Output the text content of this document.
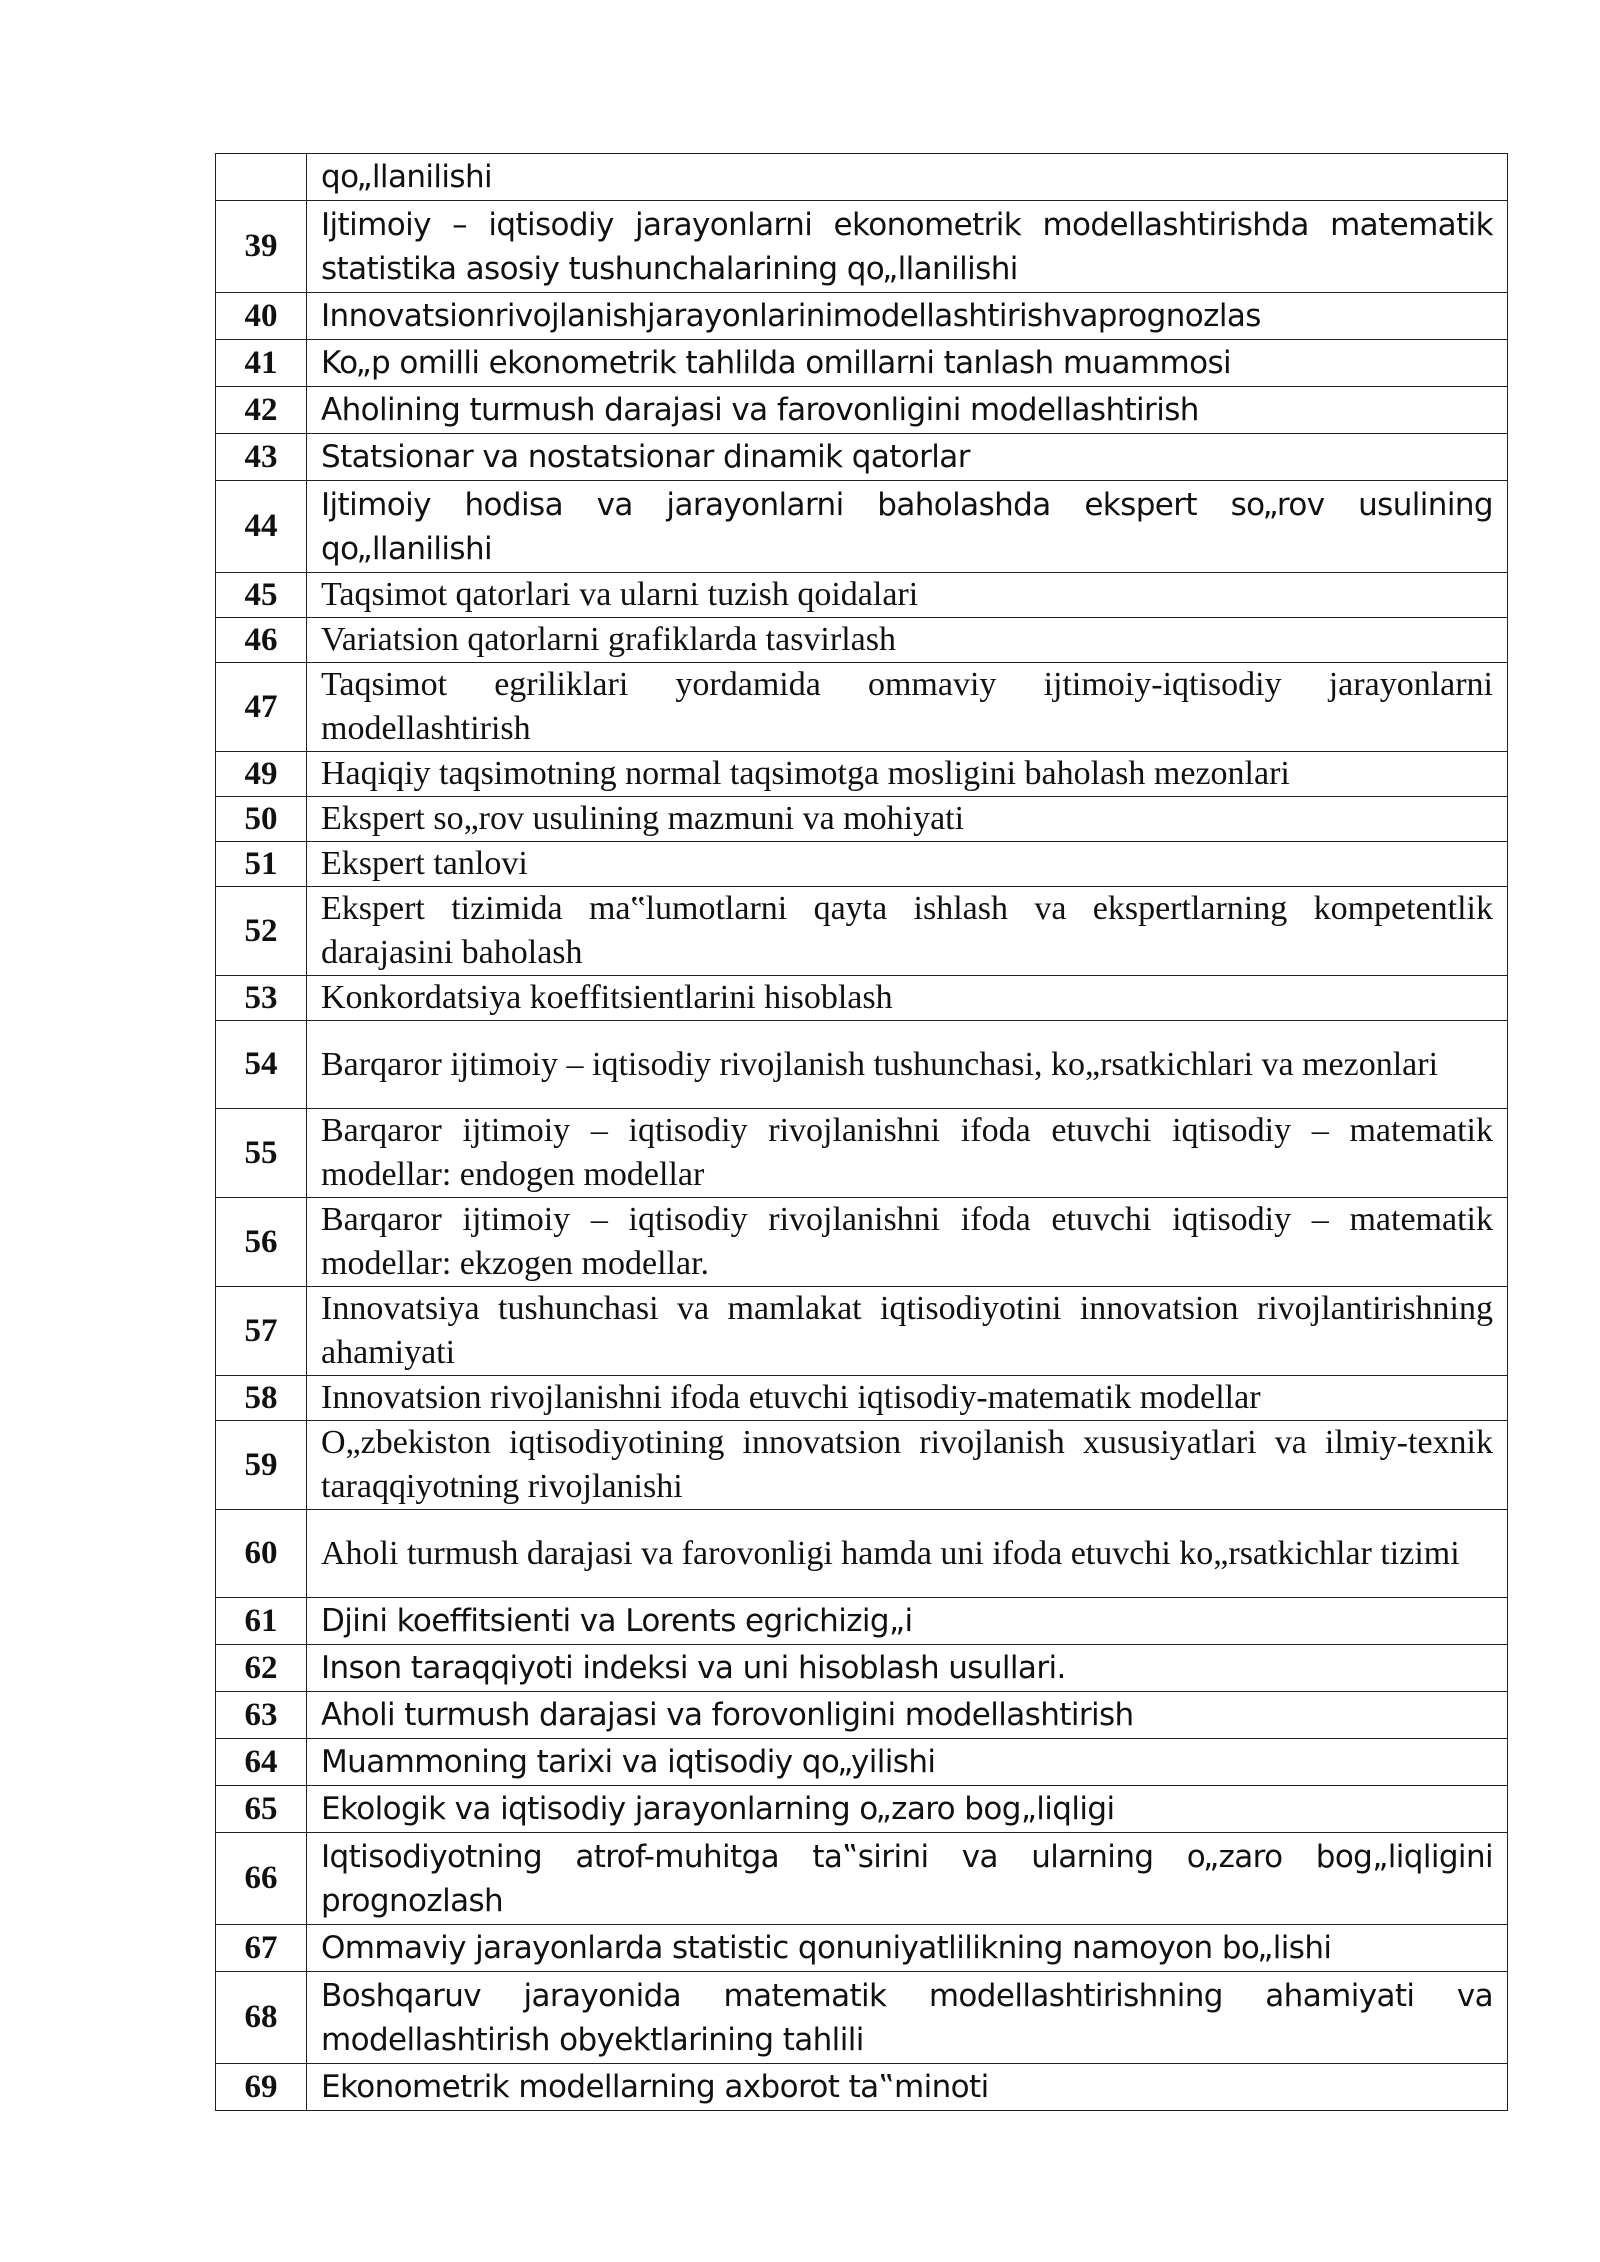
	qo„llanilishi
39	Ijtimoiy – iqtisodiy jarayonlarni ekonometrik modellashtirishda matematik statistika asosiy tushunchalarining qo„llanilishi
40	Innovatsionrivojlanishjarayonlarinimodellashtirishvaprognozlas
41	Ko„p omilli ekonometrik tahlilda omillarni tanlash muammosi
42	Aholining turmush darajasi va farovonligini modellashtirish
43	Statsionar va nostatsionar dinamik qatorlar
44	Ijtimoiy hodisa va jarayonlarni baholashda ekspert so„rov usulining qo„llanilishi
45	Taqsimot qatorlari va ularni tuzish qoidalari
46	Variatsion qatorlarni grafiklarda tasvirlash
47	Taqsimot egriliklari yordamida ommaviy ijtimoiy-iqtisodiy jarayonlarni modellashtirish
49	Haqiqiy taqsimotning normal taqsimotga mosligini baholash mezonlari
50	Ekspert so„rov usulining mazmuni va mohiyati
51	Ekspert tanlovi
52	Ekspert tizimida ma‟lumotlarni qayta ishlash va ekspertlarning kompetentlik darajasini baholash
53	Konkordatsiya koeffitsientlarini hisoblash
54	Barqaror ijtimoiy – iqtisodiy rivojlanish tushunchasi, ko„rsatkichlari va mezonlari
55	Barqaror ijtimoiy – iqtisodiy rivojlanishni ifoda etuvchi iqtisodiy – matematik modellar: endogen modellar
56	Barqaror ijtimoiy – iqtisodiy rivojlanishni ifoda etuvchi iqtisodiy – matematik modellar: ekzogen modellar.
57	Innovatsiya tushunchasi va mamlakat iqtisodiyotini innovatsion rivojlantirishning ahamiyati
58	Innovatsion rivojlanishni ifoda etuvchi iqtisodiy-matematik modellar
59	O„zbekiston iqtisodiyotining innovatsion rivojlanish xususiyatlari va ilmiy-texnik taraqqiyotning rivojlanishi
60	Aholi turmush darajasi va farovonligi hamda uni ifoda etuvchi ko„rsatkichlar tizimi
61	Djini koeffitsienti va Lorents egrichizig„i
62	Inson taraqqiyoti indeksi va uni hisoblash usullari.
63	Aholi turmush darajasi va forovonligini modellashtirish
64	Muammoning tarixi va iqtisodiy qo„yilishi
65	Ekologik va iqtisodiy jarayonlarning o„zaro bog„liqligi
66	Iqtisodiyotning atrof-muhitga ta‟sirini va ularning o„zaro bog„liqligini prognozlash
67	Ommaviy jarayonlarda statistic qonuniyatlilikning namoyon bo„lishi
68	Boshqaruv jarayonida matematik modellashtirishning ahamiyati va modellashtirish obyektlarining tahlili
69	Ekonometrik modellarning axborot ta‟minoti
